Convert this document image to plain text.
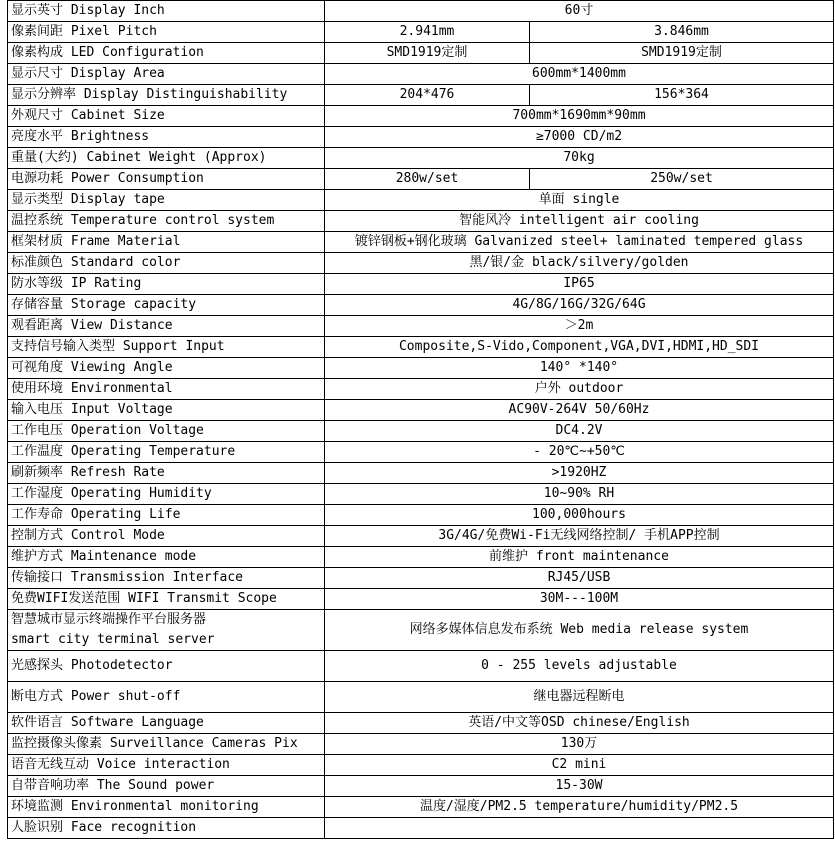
显示英寸 Display Inch	60寸	
像素间距 Pixel Pitch	2.941mm	3.846mm
像素构成 LED Configuration	SMD1919定制	SMD1919定制
显示尺寸 Display Area	600mm*1400mm	
显示分辨率 Display Distinguishability	204*476	156*364
外观尺寸 Cabinet Size	700mm*1690mm*90mm	
亮度水平 Brightness	≥7000 CD/m2	
重量(大约) Cabinet Weight (Approx)	70kg	
电源功耗 Power Consumption	280w/set	250w/set
显示类型 Display tape	单面 single	
温控系统 Temperature control system	智能风冷 intelligent air cooling	
框架材质 Frame Material	镀锌钢板+钢化玻璃 Galvanized steel+ laminated tempered glass	
标准颜色 Standard color	黑/银/金 black/silvery/golden	
防水等级 IP Rating	IP65	
存储容量 Storage capacity	4G/8G/16G/32G/64G	
观看距离 View Distance	＞2m	
支持信号输入类型 Support Input	Composite,S-Vido,Component,VGA,DVI,HDMI,HD_SDI	
可视角度 Viewing Angle	140° *140°	
使用环境 Environmental	户外 outdoor	
输入电压 Input Voltage	AC90V-264V 50/60Hz	
工作电压 Operation Voltage	DC4.2V	
工作温度 Operating Temperature	- 20℃~+50℃	
刷新频率 Refresh Rate	>1920HZ	
工作湿度 Operating Humidity	10~90% RH	
工作寿命 Operating Life	100,000hours	
控制方式 Control Mode	3G/4G/免费Wi-Fi无线网络控制/ 手机APP控制	
维护方式 Maintenance mode	前维护 front maintenance	
传输接口 Transmission Interface	RJ45/USB	
免费WIFI发送范围 WIFI Transmit Scope	30M---100M	

智慧城市显示终端操作平台服务器
smart city terminal server	网络多媒体信息发布系统 Web media release system	
光感探头 Photodetector	0 - 255 levels adjustable	
断电方式 Power shut-off	继电器远程断电	
软件语言 Software Language	英语/中文等OSD chinese/English	
监控摄像头像素 Surveillance Cameras Pix	130万	
语音无线互动 Voice interaction	C2 mini	
自带音响功率 The Sound power	15-30W	
环境监测 Environmental monitoring	温度/湿度/PM2.5 temperature/humidity/PM2.5	
人脸识别 Face recognition		
